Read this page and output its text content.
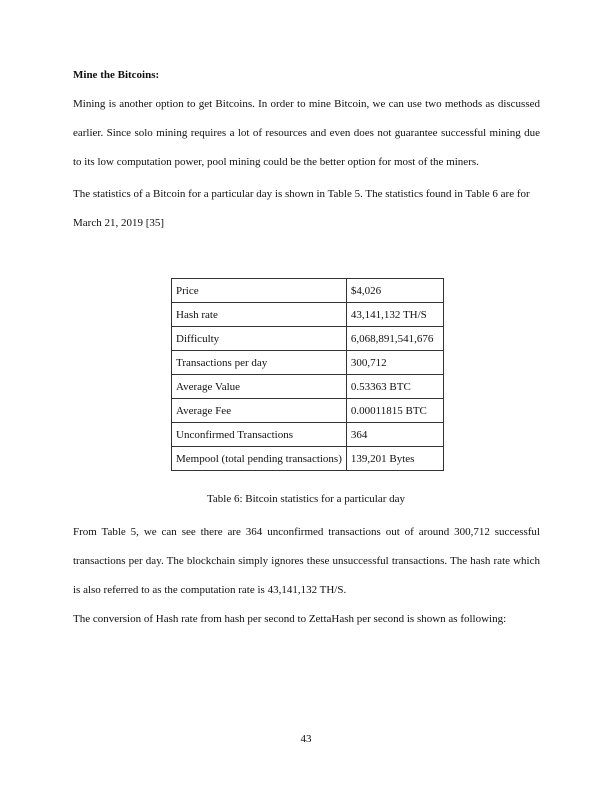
Mine the Bitcoins:

Mining is another option to get Bitcoins. In order to mine Bitcoin, we can use two methods as discussed earlier. Since solo mining requires a lot of resources and even does not guarantee successful mining due to its low computation power, pool mining could be the better option for most of the miners.

The statistics of a Bitcoin for a particular day is shown in Table 5. The statistics found in Table 6 are for March 21, 2019 [35]

Price	$4,026
Hash rate	43,141,132 TH/S
Difficulty	6,068,891,541,676
Transactions per day	300,712
Average Value	0.53363 BTC
Average Fee	0.00011815 BTC
Unconfirmed Transactions	364
Mempool (total pending transactions)	139,201 Bytes

Table 6: Bitcoin statistics for a particular day

From Table 5, we can see there are 364 unconfirmed transactions out of around 300,712 successful transactions per day. The blockchain simply ignores these unsuccessful transactions. The hash rate which is also referred to as the computation rate is 43,141,132 TH/S.

The conversion of Hash rate from hash per second to ZettaHash per second is shown as following:

43
